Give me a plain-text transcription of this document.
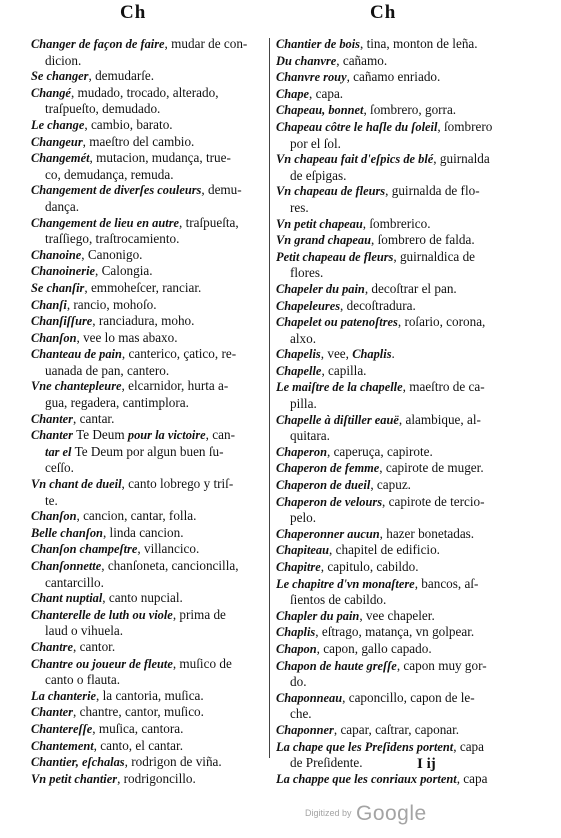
Ch	Ch
Changer de façon de faire, mudar de con-
dicion.
Se changer, demudarſe.
Changé, mudado, trocado, alterado,
traſpueſto, demudado.
Le change, cambio, barato.
Changeur, maeſtro del cambio.
Changemét, mutacion, mudança, true-
co, demudança, remuda.
Changement de diverſes couleurs, demu-
dança.
Changement de lieu en autre, traſpueſta,
traſſiego, traſtrocamiento.
Chanoine, Canonigo.
Chanoinerie, Calongia.
Se chanſir, emmoheſcer, ranciar.
Chanſi, rancio, mohoſo.
Chanſiſſure, ranciadura, moho.
Chanſon, vee lo mas abaxo.
Chanteau de pain, canterico, çatico, re-
uanada de pan, cantero.
Vne chantepleure, elcarnidor, hurta a-
gua, regadera, cantimplora.
Chanter, cantar.
Chanter Te Deum pour la victoire, can-
tar el Te Deum por algun buen ſu-
ceſſo.
Vn chant de dueil, canto lobrego y triſ-
te.
Chanſon, cancion, cantar, folla.
Belle chanſon, linda cancion.
Chanſon champeſtre, villancico.
Chanſonnette, chanſoneta, cancioncilla,
cantarcillo.
Chant nuptial, canto nupcial.
Chanterelle de luth ou viole, prima de
laud o vihuela.
Chantre, cantor.
Chantre ou joueur de fleute, muſico de
canto o flauta.
La chanterie, la cantoria, muſica.
Chanter, chantre, cantor, muſico.
Chantereſſe, muſica, cantora.
Chantement, canto, el cantar.
Chantier, eſchalas, rodrigon de viña.
Vn petit chantier, rodrigoncillo.
Chantier de bois, tina, monton de leña.
Du chanvre, cañamo.
Chanvre rouy, cañamo enriado.
Chape, capa.
Chapeau, bonnet, ſombrero, gorra.
Chapeau côtre le haſle du ſoleil, ſombrero
por el ſol.
Vn chapeau fait d'eſpics de blé, guirnalda
de eſpigas.
Vn chapeau de fleurs, guirnalda de flo-
res.
Vn petit chapeau, ſombrerico.
Vn grand chapeau, ſombrero de falda.
Petit chapeau de fleurs, guirnaldica de
flores.
Chapeler du pain, decoſtrar el pan.
Chapeleures, decoſtradura.
Chapelet ou patenoſtres, roſario, corona,
alxo.
Chapelis, vee, Chaplis.
Chapelle, capilla.
Le maiſtre de la chapelle, maeſtro de ca-
pilla.
Chapelle à diſtiller eauë, alambique, al-
quitara.
Chaperon, caperuça, capirote.
Chaperon de femme, capirote de muger.
Chaperon de dueil, capuz.
Chaperon de velours, capirote de tercio-
pelo.
Chaperonner aucun, hazer bonetadas.
Chapiteau, chapitel de edificio.
Chapitre, capitulo, cabildo.
Le chapitre d'vn monaſtere, bancos, aſ-
ſientos de cabildo.
Chapler du pain, vee chapeler.
Chaplis, eſtrago, matança, vn golpear.
Chapon, capon, gallo capado.
Chapon de haute greſſe, capon muy gor-
do.
Chaponneau, caponcillo, capon de le-
che.
Chaponner, capar, caſtrar, caponar.
La chape que les Preſidens portent, capa
de Preſidente.
La chappe que les conriaux portent, capa
I ij
$^{Digitized by}$ Google
